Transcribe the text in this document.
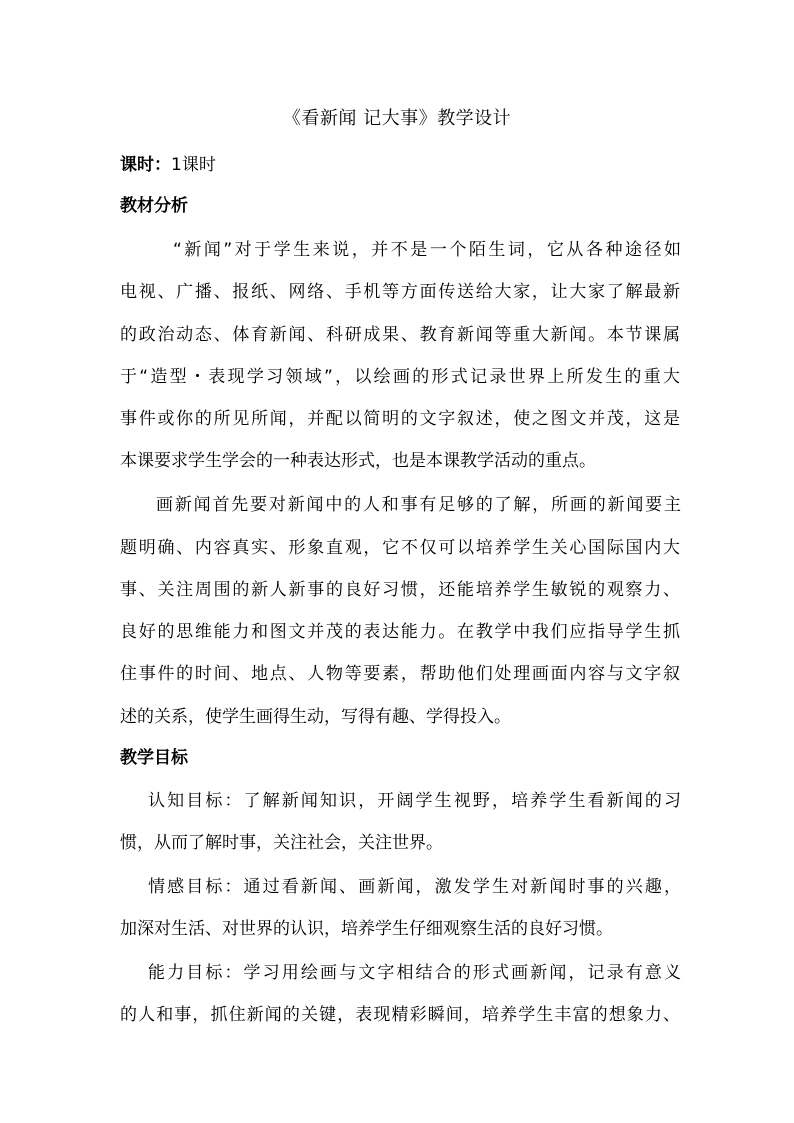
《看新闻 记大事》教学设计
课时：1课时
教材分析
“新闻”对于学生来说，并不是一个陌生词，它从各种途径如
电视、广播、报纸、网络、手机等方面传送给大家，让大家了解最新
的政治动态、体育新闻、科研成果、教育新闻等重大新闻。本节课属
于“造型・表现学习领域”，以绘画的形式记录世界上所发生的重大
事件或你的所见所闻，并配以简明的文字叙述，使之图文并茂，这是
本课要求学生学会的一种表达形式，也是本课教学活动的重点。
画新闻首先要对新闻中的人和事有足够的了解，所画的新闻要主
题明确、内容真实、形象直观，它不仅可以培养学生关心国际国内大
事、关注周围的新人新事的良好习惯，还能培养学生敏锐的观察力、
良好的思维能力和图文并茂的表达能力。在教学中我们应指导学生抓
住事件的时间、地点、人物等要素，帮助他们处理画面内容与文字叙
述的关系，使学生画得生动，写得有趣、学得投入。
教学目标
认知目标：了解新闻知识，开阔学生视野，培养学生看新闻的习
惯，从而了解时事，关注社会，关注世界。
情感目标：通过看新闻、画新闻，激发学生对新闻时事的兴趣，
加深对生活、对世界的认识，培养学生仔细观察生活的良好习惯。
能力目标：学习用绘画与文字相结合的形式画新闻，记录有意义
的人和事，抓住新闻的关键，表现精彩瞬间，培养学生丰富的想象力、
